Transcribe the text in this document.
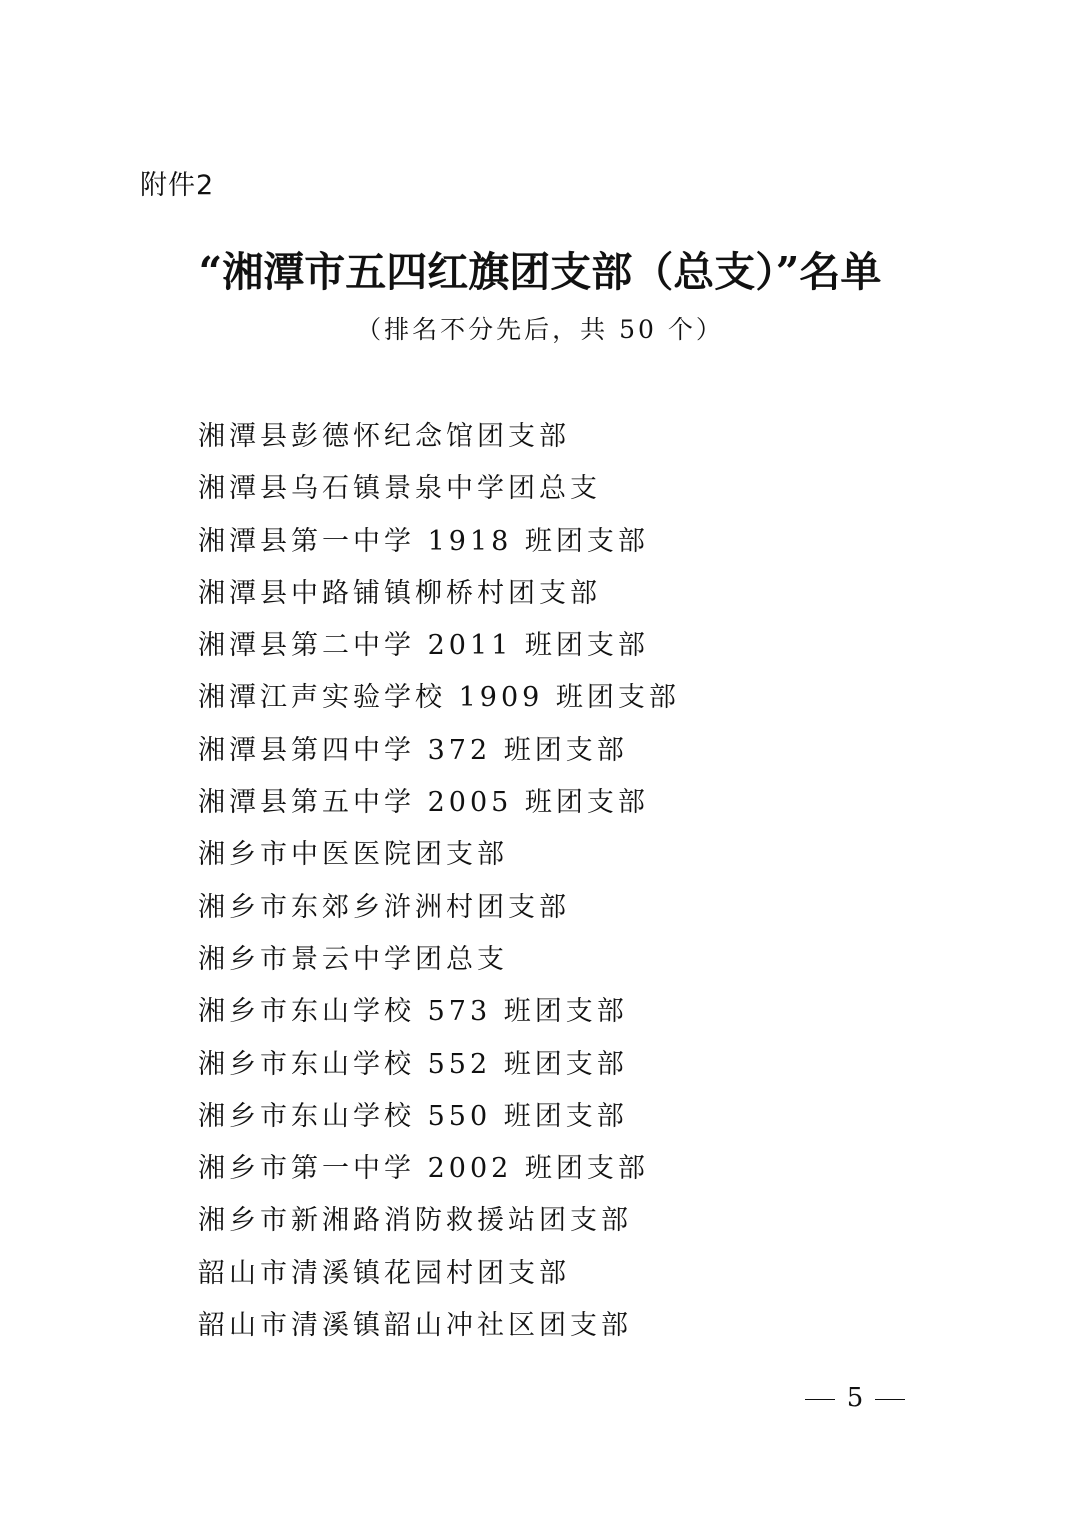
附件2
“湘潭市五四红旗团支部（总支）”名单
（排名不分先后，共 50 个）
湘潭县彭德怀纪念馆团支部
湘潭县乌石镇景泉中学团总支
湘潭县第一中学 1918 班团支部
湘潭县中路铺镇柳桥村团支部
湘潭县第二中学 2011 班团支部
湘潭江声实验学校 1909 班团支部
湘潭县第四中学 372 班团支部
湘潭县第五中学 2005 班团支部
湘乡市中医医院团支部
湘乡市东郊乡浒洲村团支部
湘乡市景云中学团总支
湘乡市东山学校 573 班团支部
湘乡市东山学校 552 班团支部
湘乡市东山学校 550 班团支部
湘乡市第一中学 2002 班团支部
湘乡市新湘路消防救援站团支部
韶山市清溪镇花园村团支部
韶山市清溪镇韶山冲社区团支部
5
